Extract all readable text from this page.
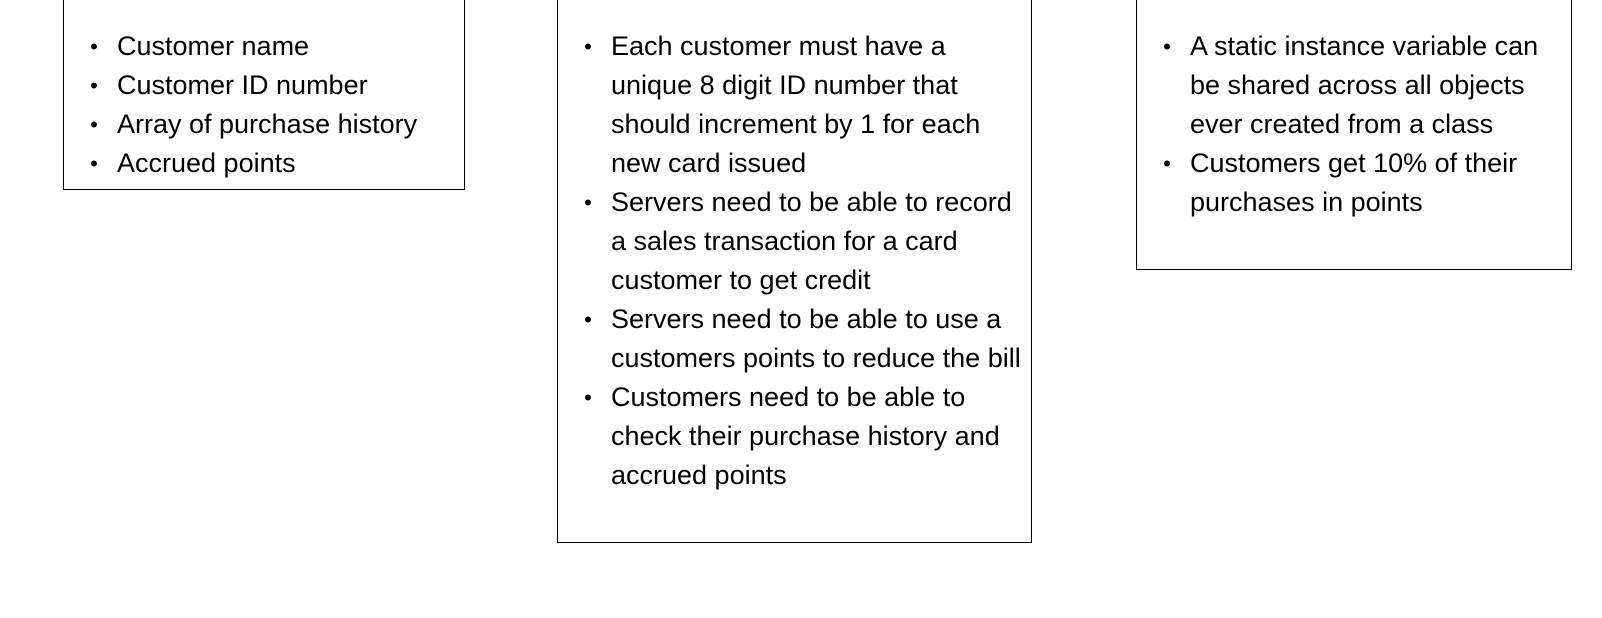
• Customer name
• Customer ID number
• Array of purchase history
• Accrued points
• Each customer must have a unique 8 digit ID number that should increment by 1 for each new card issued
• Servers need to be able to record a sales transaction for a card customer to get credit
• Servers need to be able to use a customers points to reduce the bill
• Customers need to be able to check their purchase history and accrued points
• A static instance variable can be shared across all objects ever created from a class
• Customers get 10% of their purchases in points
